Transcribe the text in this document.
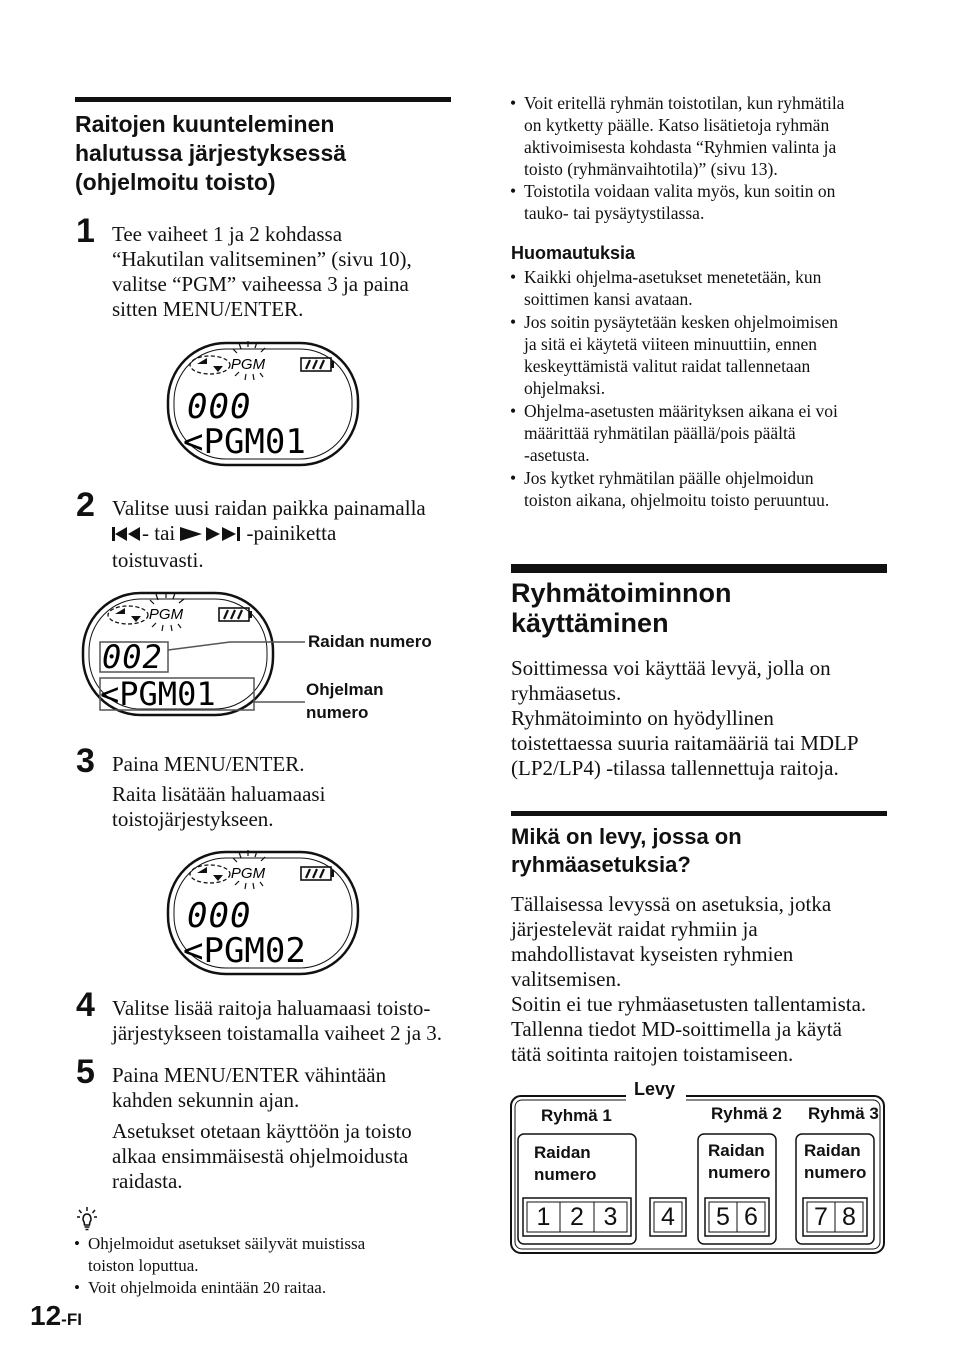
Raitojen kuunteleminen
halutussa järjestyksessä
(ohjelmoitu toisto)
1 Tee vaiheet 1 ja 2 kohdassa
“Hakutilan valitseminen” (sivu 10),
valitse “PGM” vaiheessa 3 ja paina
sitten MENU/ENTER.
PGM
000
<PGM01
2 Valitse uusi raidan paikka painamalla
- tai	-painiketta
toistuvasti.
PGM
002
<PGM01
Raidan numero
Ohjelman
numero
3 Paina MENU/ENTER.
Raita lisätään haluamaasi
toistojärjestykseen.
PGM
000
<PGM02
4 Valitse lisää raitoja haluamaasi toisto-
järjestykseen toistamalla vaiheet 2 ja 3.
5 Paina MENU/ENTER vähintään
kahden sekunnin ajan.
Asetukset otetaan käyttöön ja toisto
alkaa ensimmäisestä ohjelmoidusta
raidasta.
• Ohjelmoidut asetukset säilyvät muistissa
toiston loputtua.
• Voit ohjelmoida enintään 20 raitaa.
12-FI
• Voit eritellä ryhmän toistotilan, kun ryhmätila
on kytketty päälle. Katso lisätietoja ryhmän
aktivoimisesta kohdasta “Ryhmien valinta ja
toisto (ryhmänvaihtotila)” (sivu 13).
• Toistotila voidaan valita myös, kun soitin on
tauko- tai pysäytystilassa.
Huomautuksia
• Kaikki ohjelma-asetukset menetetään, kun
soittimen kansi avataan.
• Jos soitin pysäytetään kesken ohjelmoimisen
ja sitä ei käytetä viiteen minuuttiin, ennen
keskeyttämistä valitut raidat tallennetaan
ohjelmaksi.
• Ohjelma-asetusten määrityksen aikana ei voi
määrittää ryhmätilan päällä/pois päältä
-asetusta.
• Jos kytket ryhmätilan päälle ohjelmoidun
toiston aikana, ohjelmoitu toisto peruuntuu.
Ryhmätoiminnon
käyttäminen
Soittimessa voi käyttää levyä, jolla on
ryhmäasetus.
Ryhmätoiminto on hyödyllinen
toistettaessa suuria raitamääriä tai MDLP
(LP2/LP4) -tilassa tallennettuja raitoja.
Mikä on levy, jossa on
ryhmäasetuksia?
Tällaisessa levyssä on asetuksia, jotka
järjestelevät raidat ryhmiin ja
mahdollistavat kyseisten ryhmien
valitsemisen.
Soitin ei tue ryhmäasetusten tallentamista.
Tallenna tiedot MD-soittimella ja käytä
tätä soitinta raitojen toistamiseen.
Levy
Ryhmä 1	Ryhmä 2 Ryhmä 3
Raidan
numero
Raidan
numero
Raidan
numero
1 2 3	4 5 6 7 8
